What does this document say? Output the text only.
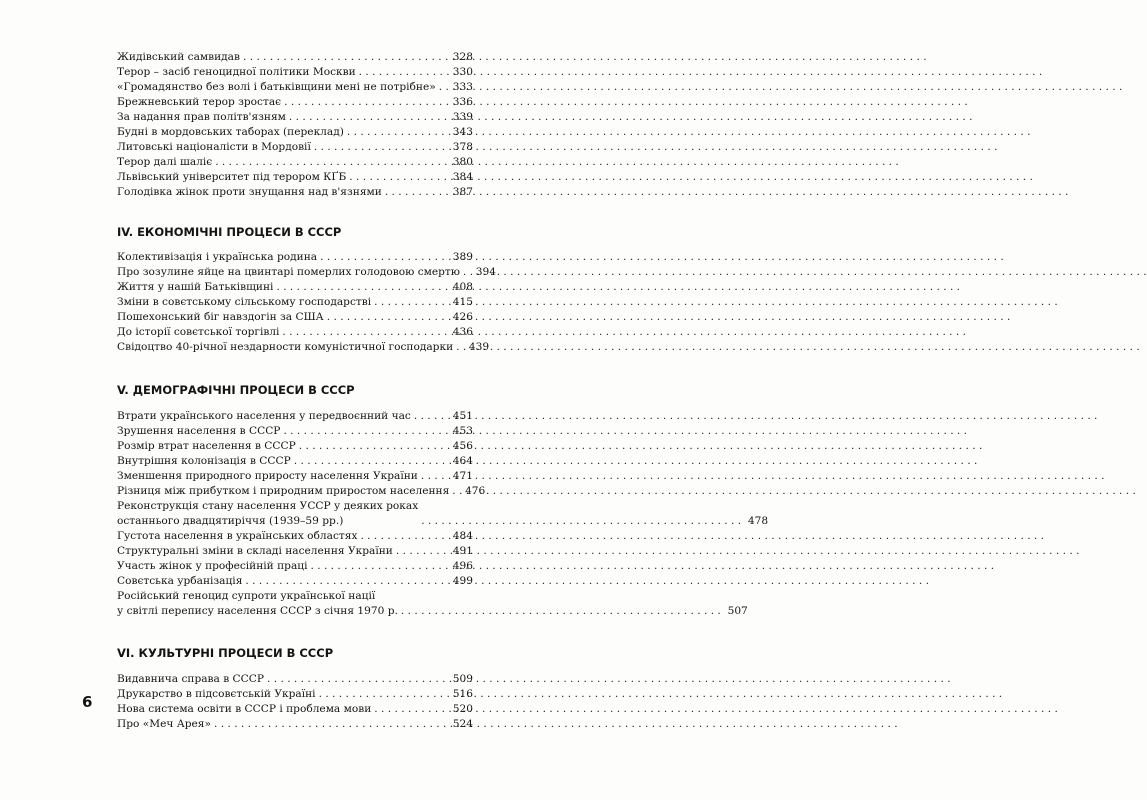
Жидівський самвидав . . .	328
Терор – засіб геноцидної політики Москви . . .	330
«Громадянство без волі і батьківщини мені не потрібне» . . .	333
Брежневський терор зростає . . .	336
За надання прав політв'язням . . .	339
Будні в мордовських таборах (переклад) . . .	343
Литовські націоналісти в Мордовії . . .	378
Терор далі шаліє . . .	380
Львівський університет під терором КҐБ . . .	384
Голодівка жінок проти знущання над в'язнями . . .	387
IV. ЕКОНОМІЧНІ ПРОЦЕСИ В СССР
Колективізація і українська родина . . .	389
Про зозулине яйце на цвинтарі померлих голодовою смертю . . .	394
Життя у нашій Батьківщині . . .	408
Зміни в совєтському сільському господарстві . . .	415
Пошехонський біг навздогін за США . . .	426
До історії совєтської торгівлі . . .	436
Свідоцтво 40-річної нездарности комуністичної господарки . . .	439
V. ДЕМОГРАФІЧНІ ПРОЦЕСИ В СССР
Втрати українського населення у передвоєнний час . . .	451
Зрушення населення в СССР . . .	453
Розмір втрат населення в СССР . . .	456
Внутрішня колонізація в СССР . . .	464
Зменшення природного приросту населення України . . .	471
Різниця між прибутком і природним приростом населення . . .	476
Реконструкція стану населення УССР у деяких роках
останнього двадцятиріччя (1939–59 рр.) . . .	478
Густота населення в українських областях . . .	484
Структуральні зміни в складі населення України . . .	491
Участь жінок у професійній праці . . .	496
Совєтська урбанізація . . .	499
Російський геноцид супроти української нації
у світлі перепису населення СССР з січня 1970 р. . . .	507
VI. КУЛЬТУРНІ ПРОЦЕСИ В СССР
Видавнича справа в СССР . . .	509
Друкарство в підсовєтській Україні . . .	516
Нова система освіти в СССР і проблема мови . . .	520
Про «Меч Арея» . . .	524
6
